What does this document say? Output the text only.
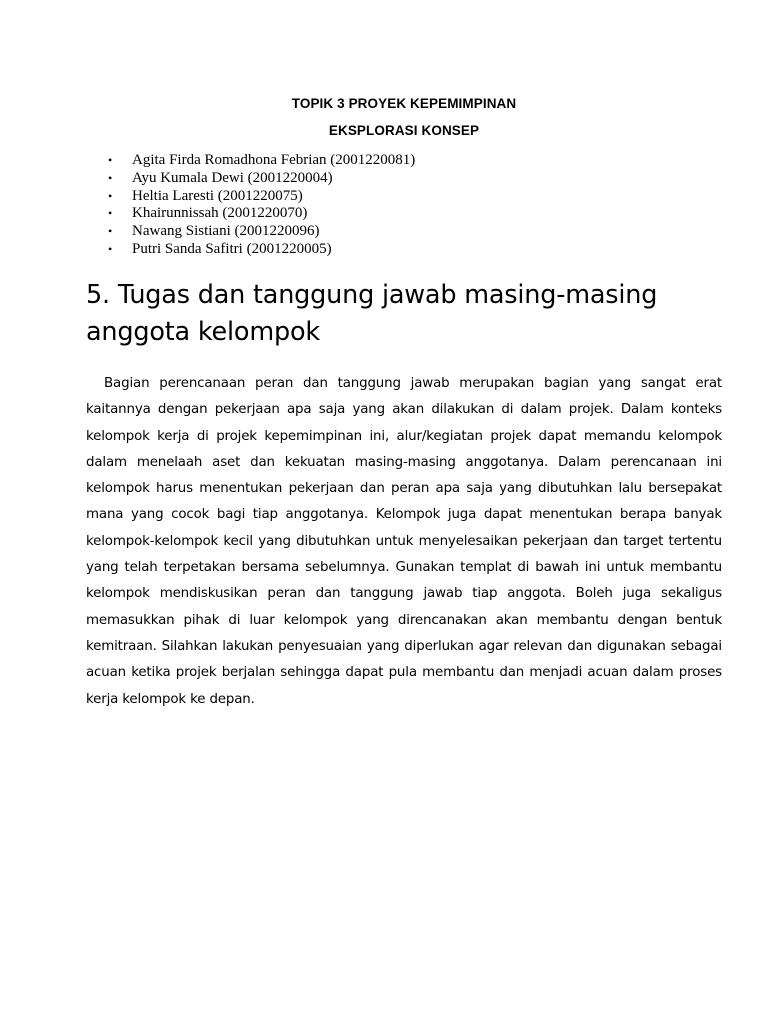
TOPIK 3 PROYEK KEPEMIMPINAN
EKSPLORASI KONSEP
• Agita Firda Romadhona Febrian (2001220081)
• Ayu Kumala Dewi (2001220004)
• Heltia Laresti (2001220075)
• Khairunnissah (2001220070)
• Nawang Sistiani (2001220096)
• Putri Sanda Safitri (2001220005)
5. Tugas dan tanggung jawab masing-masing anggota kelompok

Bagian perencanaan peran dan tanggung jawab merupakan bagian yang sangat erat kaitannya dengan pekerjaan apa saja yang akan dilakukan di dalam projek. Dalam konteks kelompok kerja di projek kepemimpinan ini, alur/kegiatan projek dapat memandu kelompok dalam menelaah aset dan kekuatan masing-masing anggotanya. Dalam perencanaan ini kelompok harus menentukan pekerjaan dan peran apa saja yang dibutuhkan lalu bersepakat mana yang cocok bagi tiap anggotanya. Kelompok juga dapat menentukan berapa banyak kelompok-kelompok kecil yang dibutuhkan untuk menyelesaikan pekerjaan dan target tertentu yang telah terpetakan bersama sebelumnya. Gunakan templat di bawah ini untuk membantu kelompok mendiskusikan peran dan tanggung jawab tiap anggota. Boleh juga sekaligus memasukkan pihak di luar kelompok yang direncanakan akan membantu dengan bentuk kemitraan. Silahkan lakukan penyesuaian yang diperlukan agar relevan dan digunakan sebagai acuan ketika projek berjalan sehingga dapat pula membantu dan menjadi acuan dalam proses kerja kelompok ke depan.
